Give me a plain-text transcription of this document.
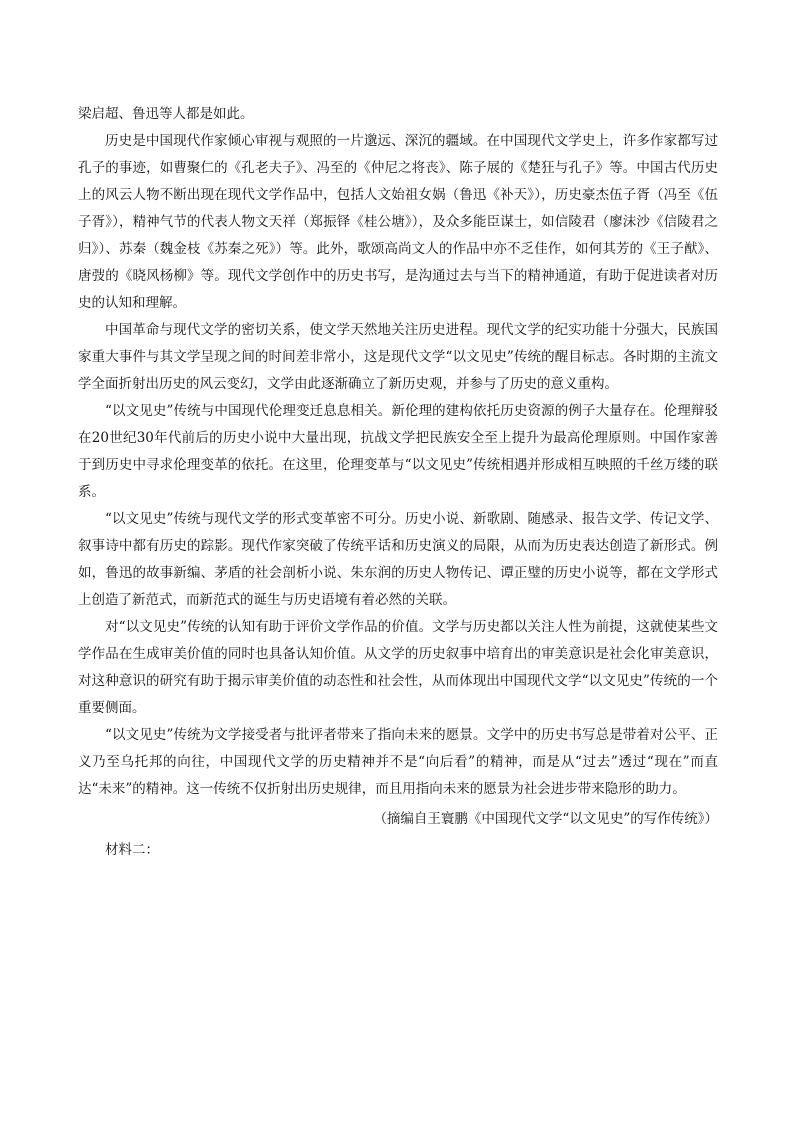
梁启超、鲁迅等人都是如此。

历史是中国现代作家倾心审视与观照的一片邈远、深沉的疆域。在中国现代文学史上，许多作家都写过孔子的事迹，如曹聚仁的《孔老夫子》、冯至的《仲尼之将丧》、陈子展的《楚狂与孔子》等。中国古代历史上的风云人物不断出现在现代文学作品中，包括人文始祖女娲（鲁迅《补天》），历史豪杰伍子胥（冯至《伍子胥》），精神气节的代表人物文天祥（郑振铎《桂公塘》），及众多能臣谋士，如信陵君（廖沫沙《信陵君之归》）、苏秦（魏金枝《苏秦之死》）等。此外，歌颂高尚文人的作品中亦不乏佳作，如何其芳的《王子猷》、唐弢的《晓风杨柳》等。现代文学创作中的历史书写，是沟通过去与当下的精神通道，有助于促进读者对历史的认知和理解。

中国革命与现代文学的密切关系，使文学天然地关注历史进程。现代文学的纪实功能十分强大，民族国家重大事件与其文学呈现之间的时间差非常小，这是现代文学“以文见史”传统的醒目标志。各时期的主流文学全面折射出历史的风云变幻，文学由此逐渐确立了新历史观，并参与了历史的意义重构。

“以文见史”传统与中国现代伦理变迁息息相关。新伦理的建构依托历史资源的例子大量存在。伦理辩驳在20世纪30年代前后的历史小说中大量出现，抗战文学把民族安全至上提升为最高伦理原则。中国作家善于到历史中寻求伦理变革的依托。在这里，伦理变革与“以文见史”传统相遇并形成相互映照的千丝万缕的联系。

“以文见史”传统与现代文学的形式变革密不可分。历史小说、新歌剧、随感录、报告文学、传记文学、叙事诗中都有历史的踪影。现代作家突破了传统平话和历史演义的局限，从而为历史表达创造了新形式。例如，鲁迅的故事新编、茅盾的社会剖析小说、朱东润的历史人物传记、谭正璧的历史小说等，都在文学形式上创造了新范式，而新范式的诞生与历史语境有着必然的关联。

对“以文见史”传统的认知有助于评价文学作品的价值。文学与历史都以关注人性为前提，这就使某些文学作品在生成审美价值的同时也具备认知价值。从文学的历史叙事中培育出的审美意识是社会化审美意识，对这种意识的研究有助于揭示审美价值的动态性和社会性，从而体现出中国现代文学“以文见史”传统的一个重要侧面。

“以文见史”传统为文学接受者与批评者带来了指向未来的愿景。文学中的历史书写总是带着对公平、正义乃至乌托邦的向往，中国现代文学的历史精神并不是“向后看”的精神，而是从“过去”透过“现在”而直达“未来”的精神。这一传统不仅折射出历史规律，而且用指向未来的愿景为社会进步带来隐形的助力。

（摘编自王寰鹏《中国现代文学“以文见史”的写作传统》）

材料二：
